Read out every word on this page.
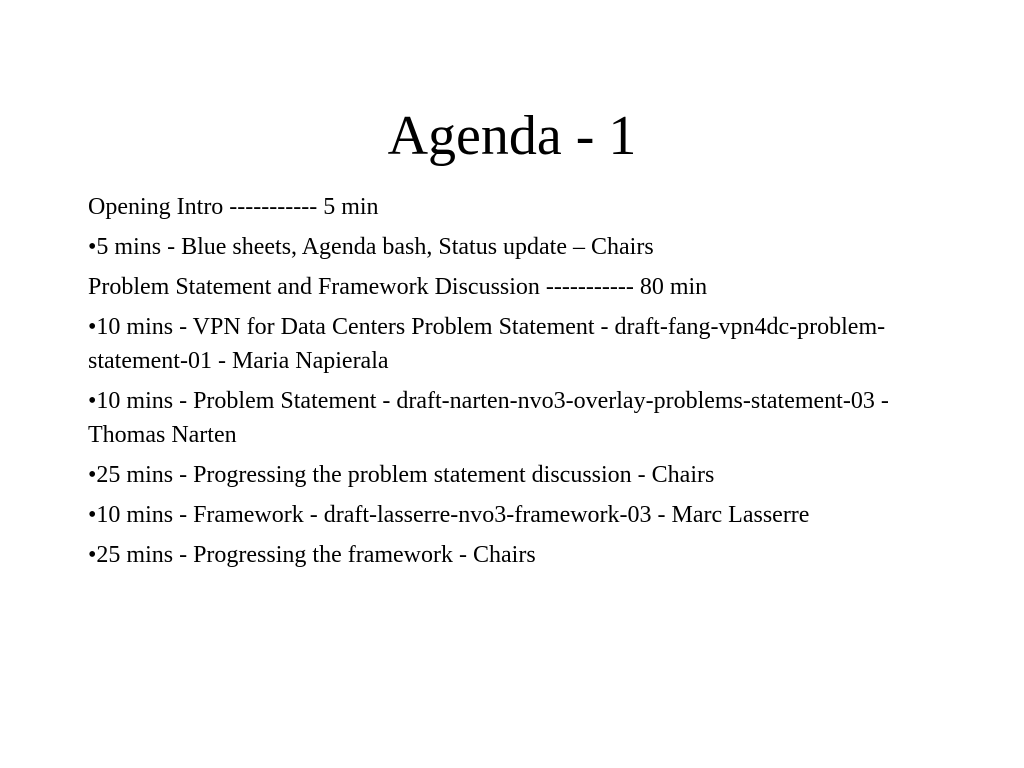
Agenda - 1
Opening Intro ----------- 5 min
•5 mins - Blue sheets, Agenda bash, Status update – Chairs
Problem Statement and Framework Discussion ----------- 80 min
•10 mins - VPN for Data Centers Problem Statement - draft-fang-vpn4dc-problem-statement-01 - Maria Napierala
•10 mins - Problem Statement - draft-narten-nvo3-overlay-problems-statement-03 - Thomas Narten
•25 mins - Progressing the problem statement discussion - Chairs
•10 mins - Framework - draft-lasserre-nvo3-framework-03 - Marc Lasserre
•25 mins - Progressing the framework - Chairs
